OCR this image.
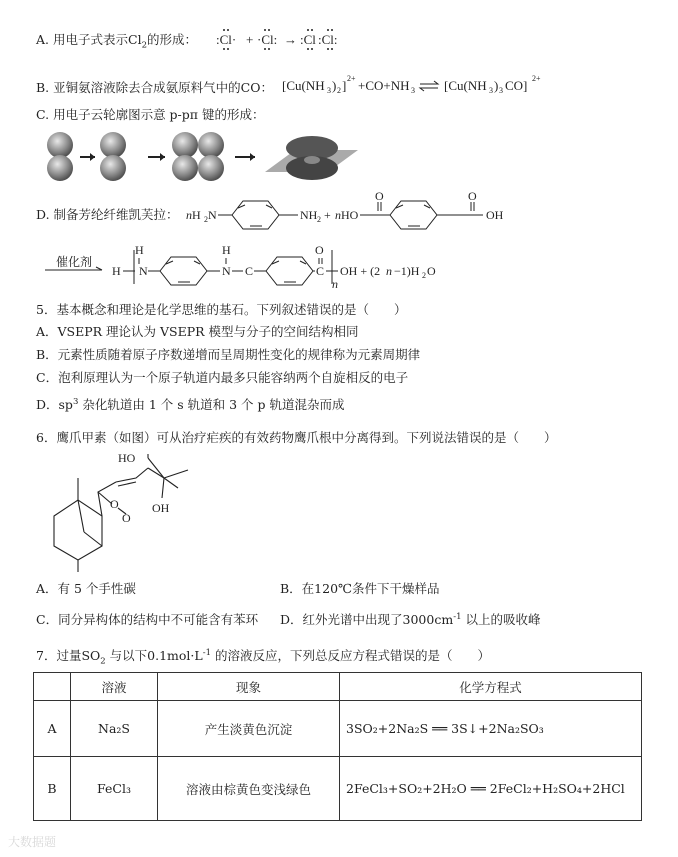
A. 用电子式表示$Cl_2$的形成： :Cl· + ·Cl: → :Cl :Cl:
B. 亚铜氨溶液除去合成氨原料气中的CO： [Cu(NH 3 ) 2 ] 2+ +CO+NH 3 [Cu(NH 3 ) 3 CO] 2+
C. 用电子云轮廓图示意 p-pπ 键的形成：
D. 制备芳纶纤维凯芙拉： nH 2 N	NH 2 + nHO
O	O
OH
催化剂
H
H
N
H
N C
O
C OH + (2 n −1)H 2 O
n
5．基本概念和理论是化学思维的基石。下列叙述错误的是（　　）
A．VSEPR 理论认为 VSEPR 模型与分子的空间结构相同
B．元素性质随着原子序数递增而呈周期性变化的规律称为元素周期律
C．泡利原理认为一个原子轨道内最多只能容纳两个自旋相反的电子
D．$sp^3$ 杂化轨道由 1 个 s 轨道和 3 个 p 轨道混杂而成
6．鹰爪甲素（如图）可从治疗疟疾的有效药物鹰爪根中分离得到。下列说法错误的是（　　）
HO
O
O
OH
A．有 5 个手性碳	B．在120℃条件下干燥样品
C．同分异构体的结构中不可能含有苯环 D．红外光谱中出现了$3000cm^{-1}$ 以上的吸收峰
7．过量$SO_2$ 与以下$0.1mol\cdot L^{-1}$ 的溶液反应，下列总反应方程式错误的是（　　）
	溶液	现象	化学方程式
A	Na₂S	产生淡黄色沉淀	3SO₂+2Na₂S ══ 3S↓+2Na₂SO₃
B	FeCl₃	溶液由棕黄色变浅绿色	2FeCl₃+SO₂+2H₂O ══ 2FeCl₂+H₂SO₄+2HCl
大数据题
